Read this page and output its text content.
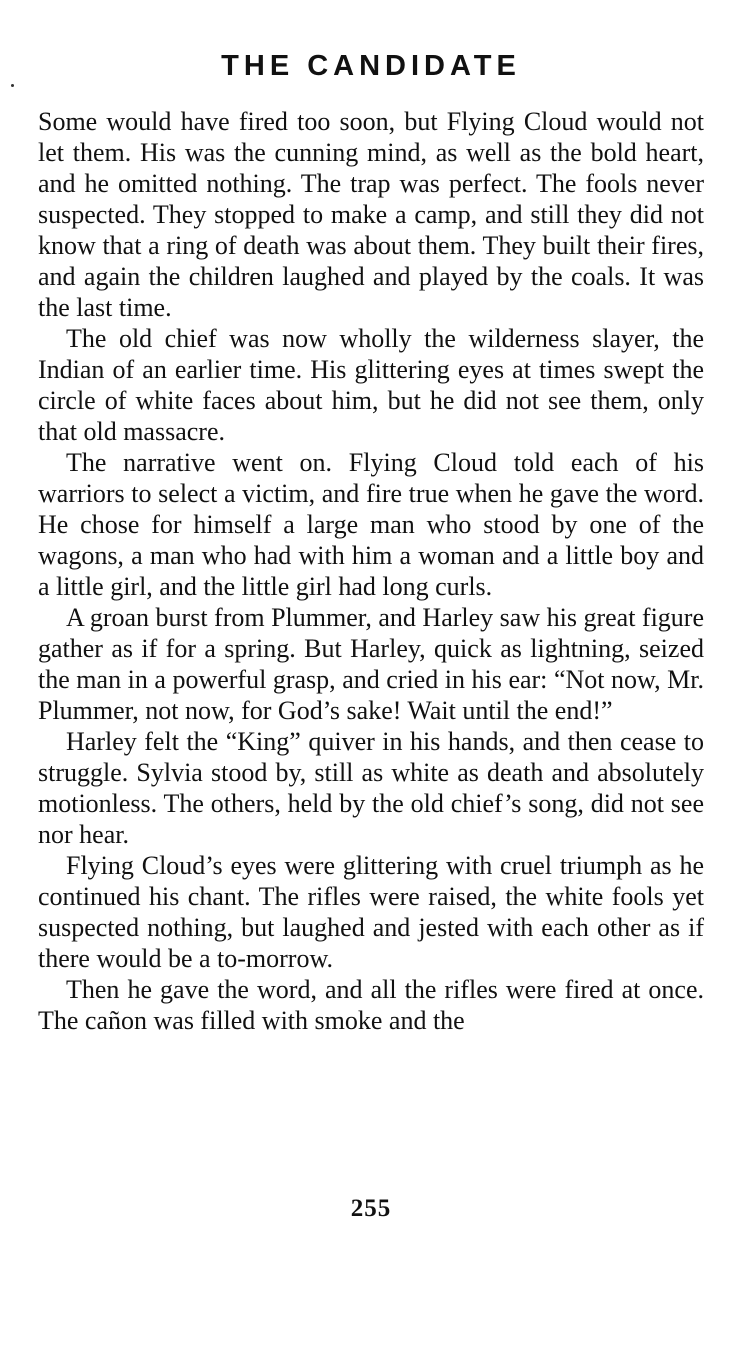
THE CANDIDATE

Some would have fired too soon, but Flying Cloud would not let them. His was the cunning mind, as well as the bold heart, and he omitted nothing. The trap was perfect. The fools never suspected. They stopped to make a camp, and still they did not know that a ring of death was about them. They built their fires, and again the children laughed and played by the coals. It was the last time.

The old chief was now wholly the wilderness slayer, the Indian of an earlier time. His glittering eyes at times swept the circle of white faces about him, but he did not see them, only that old massacre.

The narrative went on. Flying Cloud told each of his warriors to select a victim, and fire true when he gave the word. He chose for himself a large man who stood by one of the wagons, a man who had with him a woman and a little boy and a little girl, and the little girl had long curls.

A groan burst from Plummer, and Harley saw his great figure gather as if for a spring. But Harley, quick as lightning, seized the man in a powerful grasp, and cried in his ear: “Not now, Mr. Plummer, not now, for God’s sake! Wait until the end!”

Harley felt the “King” quiver in his hands, and then cease to struggle. Sylvia stood by, still as white as death and absolutely motionless. The others, held by the old chief’s song, did not see nor hear.

Flying Cloud’s eyes were glittering with cruel triumph as he continued his chant. The rifles were raised, the white fools yet suspected nothing, but laughed and jested with each other as if there would be a to-morrow.

Then he gave the word, and all the rifles were fired at once. The cañon was filled with smoke and the

255
